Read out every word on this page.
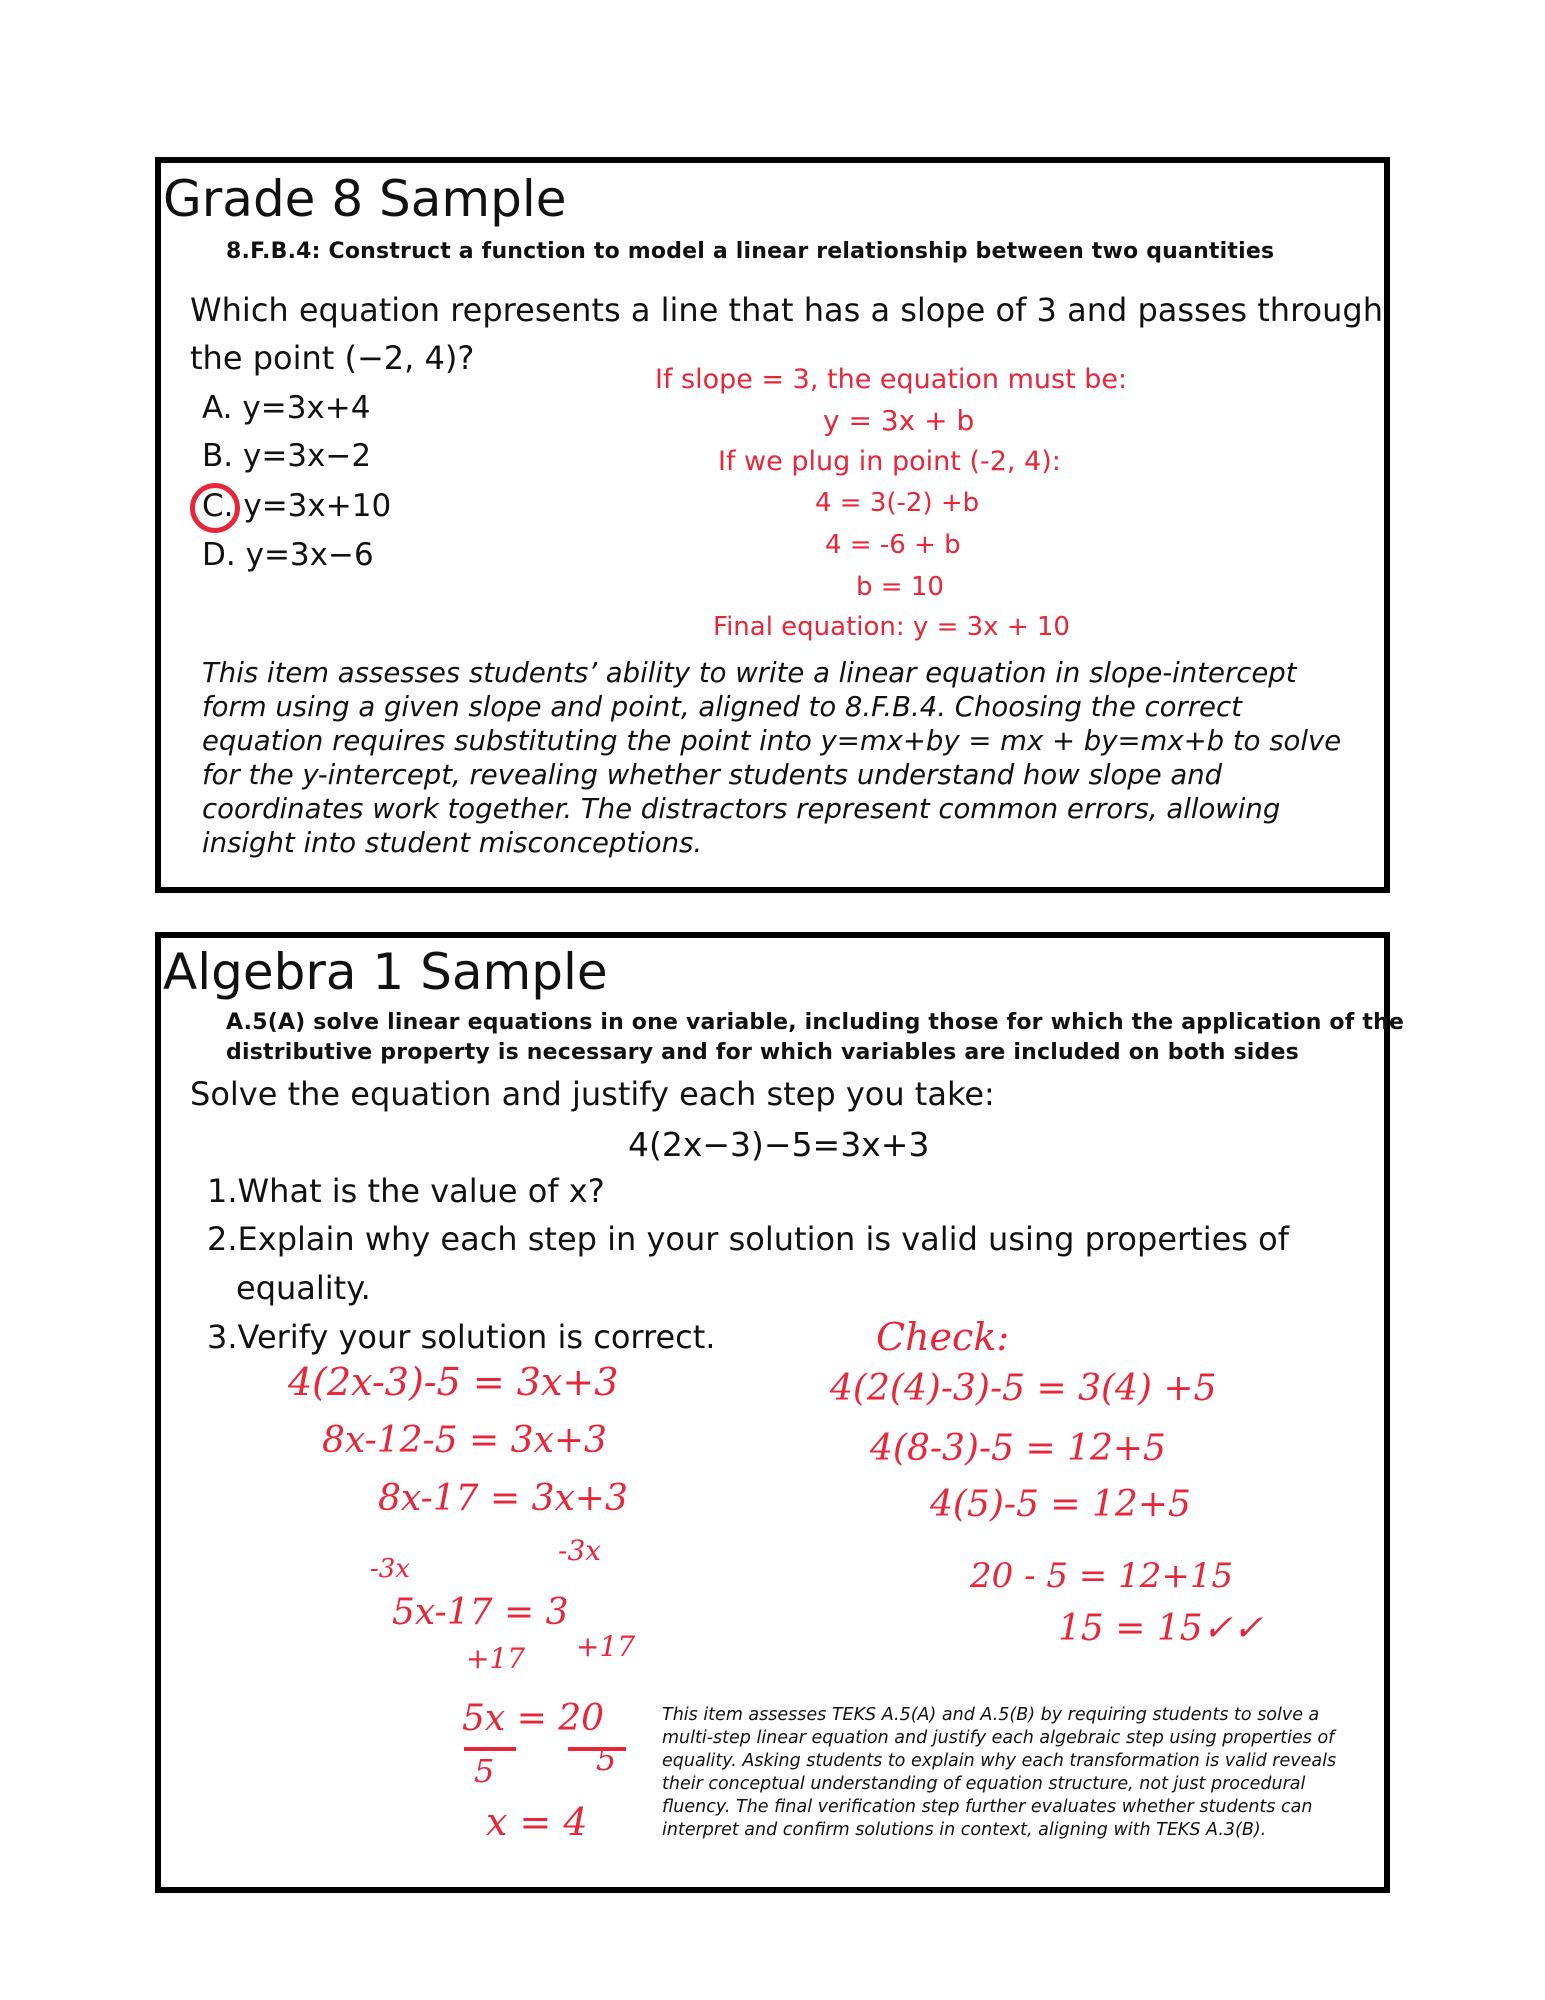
Grade 8 Sample
8.F.B.4: Construct a function to model a linear relationship between two quantities
Which equation represents a line that has a slope of 3 and passes through
the point (−2, 4)?
A. y=3x+4
B. y=3x−2
C. y=3x+10
D. y=3x−6
If slope = 3, the equation must be:
y = 3x + b
If we plug in point (-2, 4):
4 = 3(-2) +b
4 = -6 + b
b = 10
Final equation: y = 3x + 10
This item assesses students’ ability to write a linear equation in slope-intercept form using a given slope and point, aligned to 8.F.B.4. Choosing the correct equation requires substituting the point into y=mx+by = mx + by=mx+b to solve for the y-intercept, revealing whether students understand how slope and coordinates work together. The distractors represent common errors, allowing insight into student misconceptions.
Algebra 1 Sample
A.5(A) solve linear equations in one variable, including those for which the application of the
distributive property is necessary and for which variables are included on both sides
Solve the equation and justify each step you take:
4(2x−3)−5=3x+3
1.What is the value of x?
2.Explain why each step in your solution is valid using properties of
equality.
3.Verify your solution is correct.
4(2x-3)-5 = 3x+3
8x-12-5 = 3x+3
8x-17 = 3x+3
-3x
-3x
5x-17 = 3
+17 +17
5x = 20
5	5
x = 4
Check:
4(2(4)-3)-5 = 3(4) +5
4(8-3)-5 = 12+5
4(5)-5 = 12+5
20 - 5 = 12+15
15 = 15✓✓
This item assesses TEKS A.5(A) and A.5(B) by requiring students to solve a multi-step linear equation and justify each algebraic step using properties of equality. Asking students to explain why each transformation is valid reveals their conceptual understanding of equation structure, not just procedural fluency. The final verification step further evaluates whether students can interpret and confirm solutions in context, aligning with TEKS A.3(B).
